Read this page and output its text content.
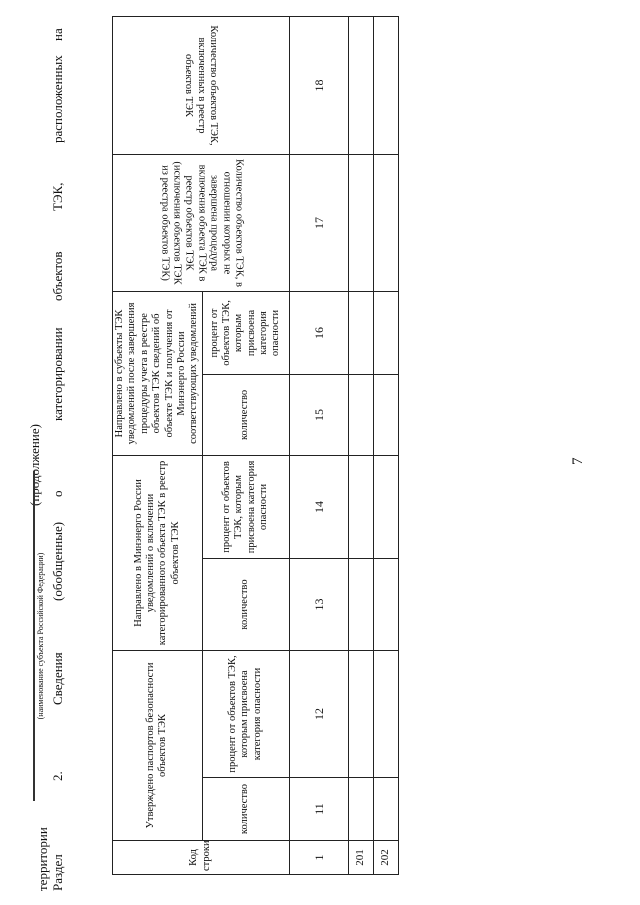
7
Раздел
2.
Сведения
(обобщенные)
о
категорировании
объектов
ТЭК,
расположенных
на
территории
(продолжение)
(наименование субъекта Российской Федерации)
Код строки	Утверждено паспортов безопасности объектов ТЭК		Направлено в Минэнерго России уведомлений о включении категорированного объекта ТЭК в реестр объектов ТЭК		Направлено в субъекты ТЭК уведомлений после завершения процедуры учета в реестре объектов ТЭК сведений об объекте ТЭК и получения от Минэнерго России соответствующих уведомлений		Количество объектов ТЭК, в отношении которых не завершена процедура включения объекта ТЭК в реестр объектов ТЭК (исключения объектов ТЭК из реестра объектов ТЭК)	Количество объектов ТЭК, включенных в реестр объектов ТЭК

	количество	процент от объектов ТЭК, которым присвоена категория опасности	количество	процент от объектов ТЭК, которым присвоена категория опасности	количество	процент от объектов ТЭК, которым присвоена категория опасности		
1	11	12	13	14	15	16	17	18
201								
202								
